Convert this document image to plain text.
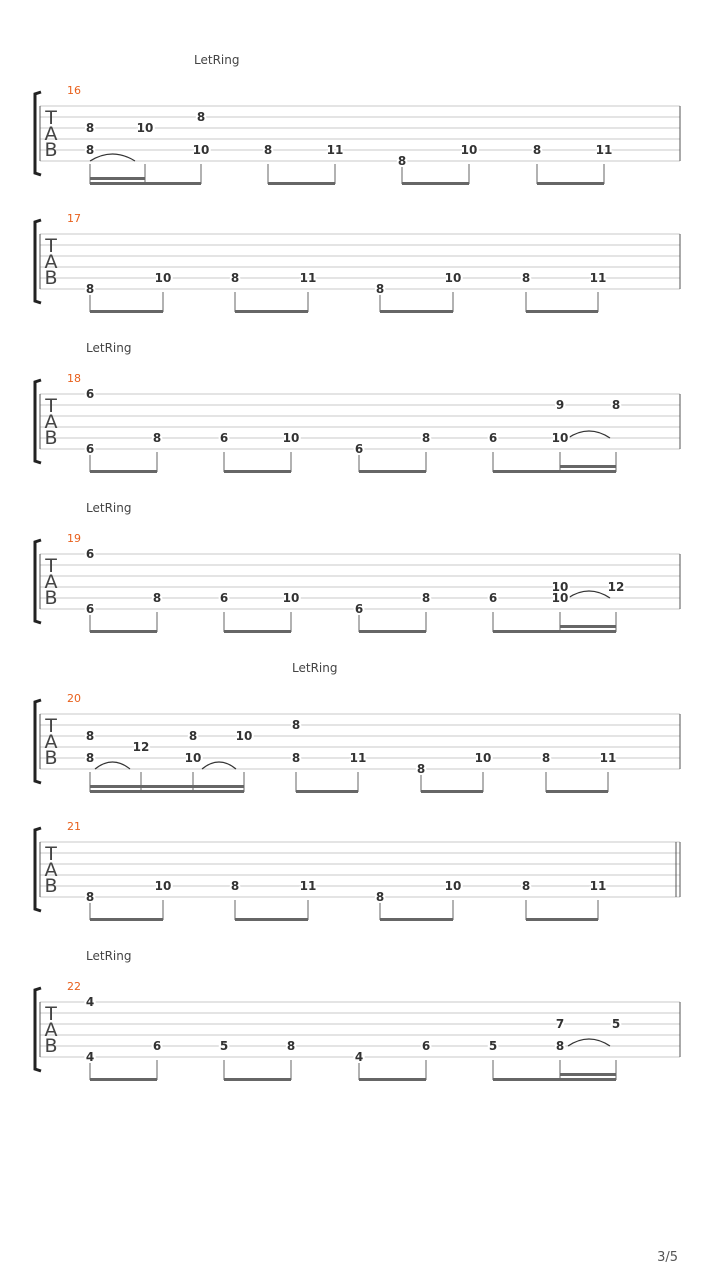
LetRing
16
T
A
B 8
8	10
8
10	8	11
8
10	8	11
17
T
A
B 8
10	8	11
8
10	8	11
LetRing
18
T
A
B
6
6
8	6	10
6
8	6
9
10
8
LetRing
19
T
A
B
6
6
8	6	10
6
8	6
10
10
12
LetRing
20
T
A
B 8
8
12
8
10
10
8
8	11
8
10	8	11
21
T
A
B 8
10	8	11
8
10	8	11
LetRing
22
T
A
B
4
4
6	5	8
4
6	5
7
8
5
3/5
